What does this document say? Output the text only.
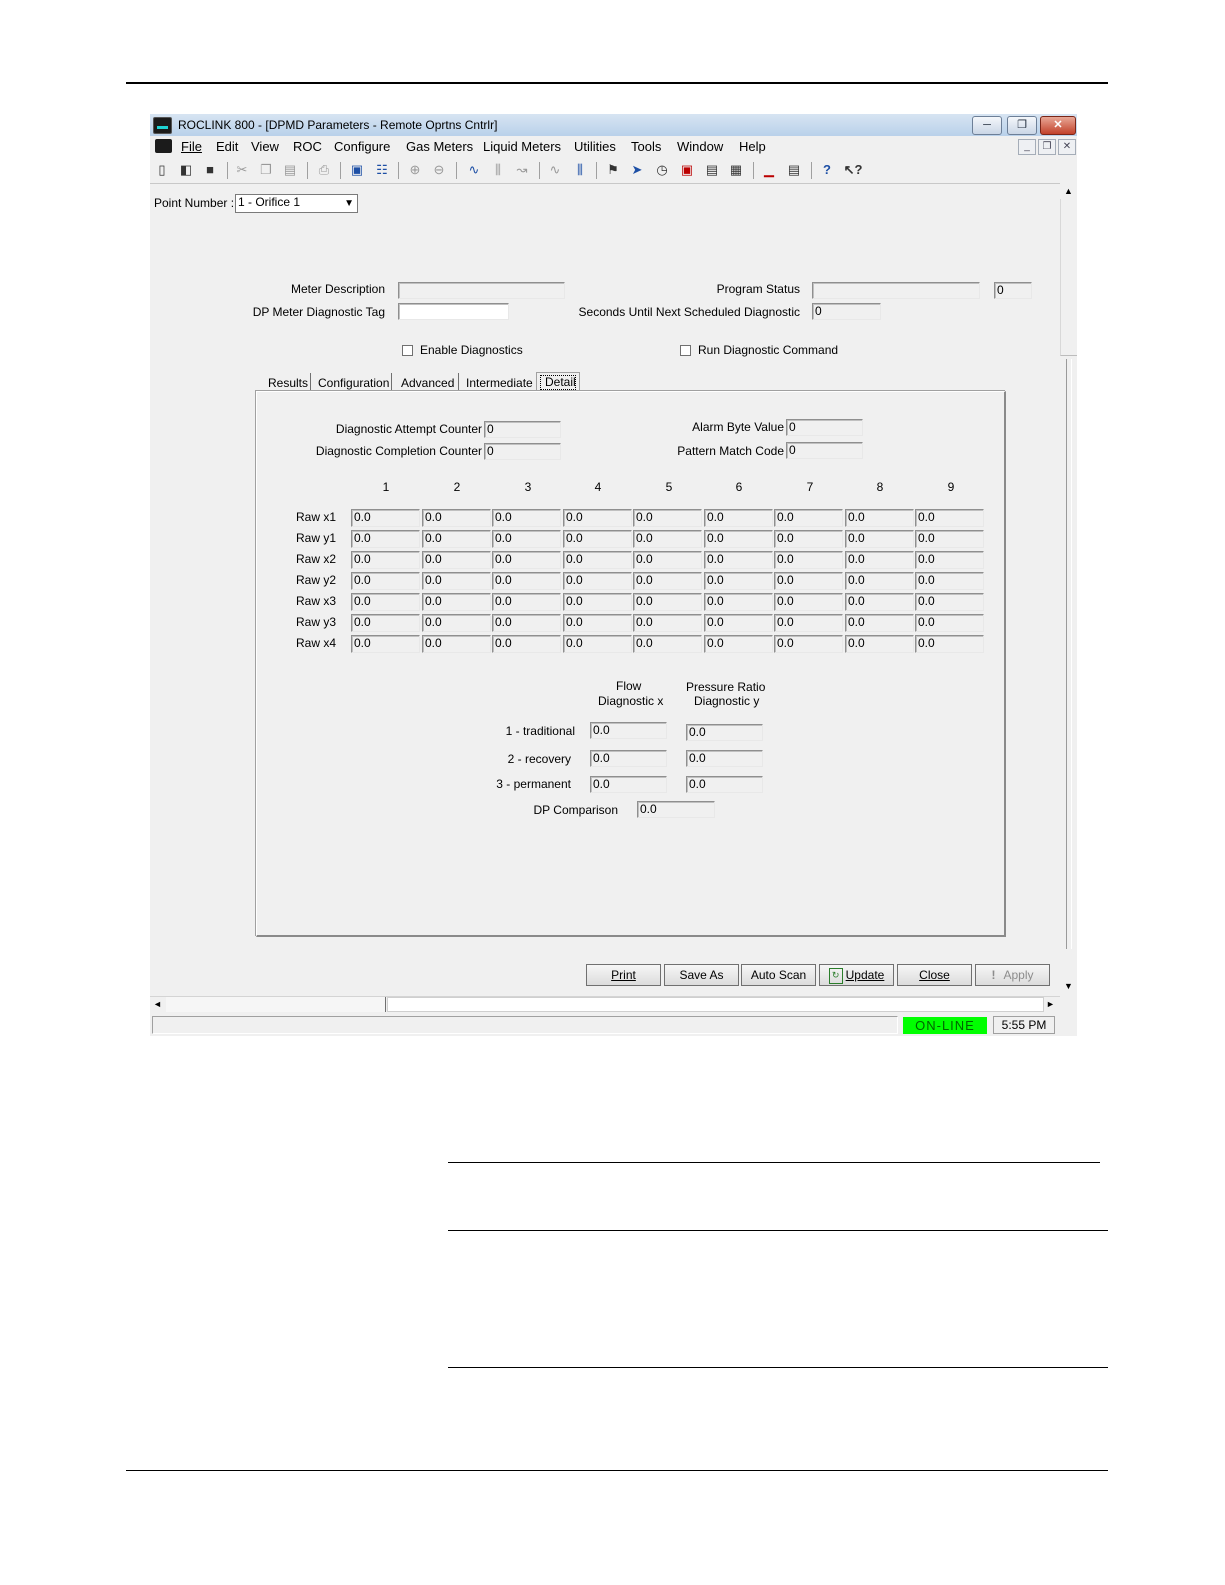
ROCLINK 800 - [DPMD Parameters - Remote Oprtns Cntrlr]	─	❐	✕
File Edit View ROC Configure Gas Meters Liquid Meters Utilities Tools Window Help	_	❐	✕
▯	◧	■	✂ ❐ ▤ ⎙ ▣ ☷ ⊕ ⊖ ∿	⫼	↝ ∿	⫼	⚑ ➤ ◷ ▣ ▤ ▦ ▁ ▤	? ↖?
Point Number : 1 - Orifice 1	▼
Meter Description
DP Meter Diagnostic Tag
Program Status	0
Seconds Until Next Scheduled Diagnostic 0
Enable Diagnostics	Run Diagnostic Command
Results Configuration Advanced Intermediate Detail
Diagnostic Attempt Counter 0
Diagnostic Completion Counter 0
Alarm Byte Value 0
Pattern Match Code 0
1	2	3	4	5	6	7	8	9
Raw x1 0.0	0.0	0.0	0.0	0.0	0.0	0.0	0.0	0.0
Raw y1 0.0	0.0	0.0	0.0	0.0	0.0	0.0	0.0	0.0
Raw x2 0.0	0.0	0.0	0.0	0.0	0.0	0.0	0.0	0.0
Raw y2 0.0	0.0	0.0	0.0	0.0	0.0	0.0	0.0	0.0
Raw x3 0.0	0.0	0.0	0.0	0.0	0.0	0.0	0.0	0.0
Raw y3 0.0	0.0	0.0	0.0	0.0	0.0	0.0	0.0	0.0
Raw x4 0.0	0.0	0.0	0.0	0.0	0.0	0.0	0.0	0.0
Flow
Diagnostic x
Pressure Ratio
Diagnostic y
1 - traditional 0.0	0.0
2 - recovery 0.0	0.0
3 - permanent 0.0	0.0
DP Comparison 0.0
Print	Save As	Auto Scan	↻ Update	Close	! Apply
▲
▼
◄	►
ON-LINE	5:55 PM
